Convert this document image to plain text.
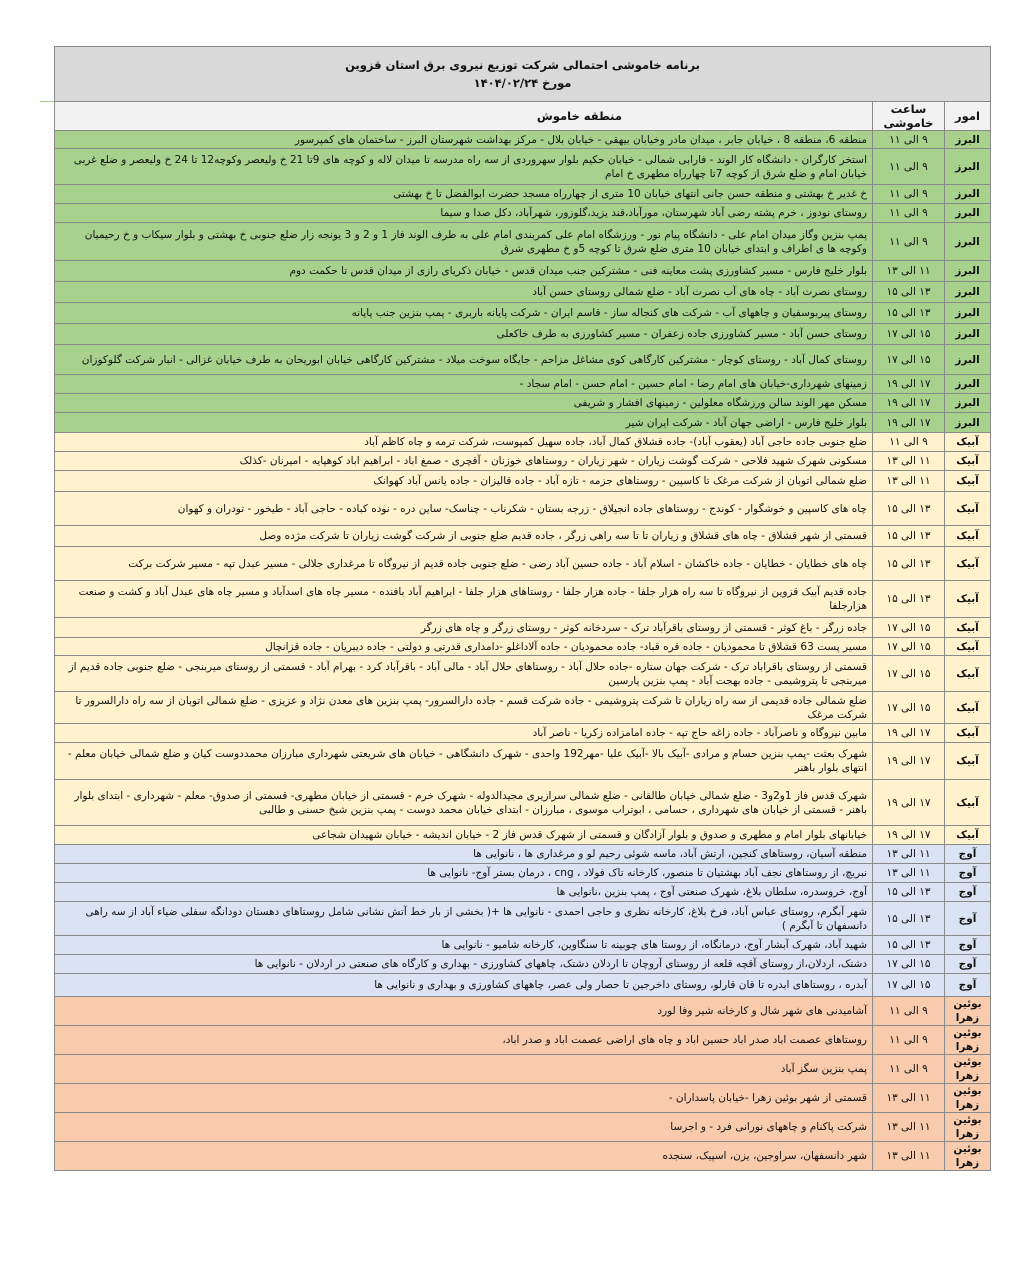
برنامه خاموشی احتمالی شرکت توزیع نیروی برق استان قزوین
مورخ ۱۴۰۴/۰۲/۲۴		

امور	ساعت خاموشی	منطقه خاموش
البرز	۹ الی ۱۱	منطقه 6، منطقه 8 ، خیابان جابر ، میدان مادر وخیابان بیهقی - خیابان بلال - مرکز بهداشت شهرستان البرز - ساختمان های کمپرسور
البرز	۹ الی ۱۱	استخر کارگران - دانشگاه کار الوند - فارابی شمالی - خیابان حکیم بلوار سهروردی از سه راه مدرسه تا میدان لاله و کوچه های 9تا 21 خ ولیعصر وکوچه12 تا 24 خ ولیعصر و ضلع غربی خیابان امام و ضلع شرق از کوچه 7تا چهارراه مطهری خ امام
البرز	۹ الی ۱۱	خ غدیر خ بهشتی و منطقه حسن جانی انتهای خیابان 10 متری از چهارراه مسجد حضرت ابوالفضل تا خ بهشتی
البرز	۹ الی ۱۱	روستای نودوز ، خرم پشته رضی آباد شهرستان، مورآباد،قند یزید،گلوزور، شهرآباد، دکل صدا و سیما
البرز	۹ الی ۱۱	پمپ بنزین وگاز میدان امام علی - دانشگاه پیام نور - ورزشگاه امام علی کمربندی امام علی به طرف الوند فاز 1 و 2 و 3 یونجه زار ضلع جنوبی خ بهشتی و بلوار سیکاب و خ رحیمیان وکوچه ها ی اطراف و ابتدای خیابان 10 متری ضلع شرق تا کوچه 5و خ مطهری شرق
البرز	۱۱ الی ۱۳	بلوار خلیج فارس - مسیر کشاورزی پشت معاینه فنی - مشترکین جنب میدان قدس - خیابان ذکریای رازی از میدان قدس تا حکمت دوم
البرز	۱۳ الی ۱۵	روستای نصرت آباد - چاه های آب نصرت آباد - ضلع شمالی روستای حسن آباد
البرز	۱۳ الی ۱۵	روستای پیربوسفیان و چاههای آب - شرکت های کنجاله ساز - قاسم ایران - شرکت پایانه باربری - پمپ بنزین جنب پایانه
البرز	۱۵ الی ۱۷	روستای حسن آباد - مسیر کشاورزی جاده زعفران - مسیر کشاورزی به طرف خاکعلی
البرز	۱۵ الی ۱۷	روستای کمال آباد - روستای کوچار - مشترکین کارگاهی کوی مشاغل مزاحم - جایگاه سوخت میلاد - مشترکین کارگاهی خیابان ابوریحان به طرف خیابان غزالی - انبار شرکت گلوکوزان
البرز	۱۷ الی ۱۹	زمینهای شهرداری-خیابان های امام رضا - امام حسین - امام حسن - امام سجاد -
البرز	۱۷ الی ۱۹	مسکن مهر الوند سالن ورزشگاه معلولین - زمینهای افشار و شریفی
البرز	۱۷ الی ۱۹	بلوار خلیج فارس - اراضی جهان آباد - شرکت ایران شیر
آبیک	۹ الی ۱۱	ضلع جنوبی جاده حاجی آباد (یعقوب آباد)- جاده قشلاق کمال آباد، جاده سهیل کمپوست، شرکت ترمه و چاه کاظم آباد
آبیک	۱۱ الی ۱۳	مسکونی شهرک شهید فلاحی - شرکت گوشت زیاران - شهر زیاران - روستاهای خوزنان - آقچری - صمغ اباد - ابراهیم اباد کوهپایه - امیرنان -کذلک
آبیک	۱۱ الی ۱۳	ضلع شمالی اتوبان از شرکت مرغک تا کاسپین - روستاهای جزمه - تازه آباد - جاده قالیزان - جاده یانس آباد کهوانک
آبیک	۱۳ الی ۱۵	چاه های کاسپین و خوشگوار - کوندج - روستاهای جاده انجیلاق - زرجه بستان - شکرناب - چناسک- ساین دره - نوده کباده - حاجی آباد - طیخور - تودران و کهوان
آبیک	۱۳ الی ۱۵	قسمتی از شهر قشلاق - چاه های قشلاق و زیاران تا تا سه راهی زرگر ، جاده قدیم ضلع جنوبی از شرکت گوشت زیاران تا شرکت مژده وصل
آبیک	۱۳ الی ۱۵	چاه های خطایان - خطایان - جاده خاکشان - اسلام آباد - جاده حسین آباد رضی - ضلع جنوبی جاده قدیم از نیروگاه تا مرغداری جلالی - مسیر عبدل تپه - مسیر شرکت برکت
آبیک	۱۳ الی ۱۵	جاده قدیم آبیک قزوین از نیروگاه تا سه راه هزار جلفا - جاده هزار جلفا - روستاهای هزار جلفا - ابراهیم آباد بافنده - مسیر چاه های اسدآباد و مسیر چاه های عبدل آباد و کشت و صنعت هزارجلفا
آبیک	۱۵ الی ۱۷	جاده زرگر - باغ کوثر - قسمتی از روستای باقرآباد ترک - سردخانه کوثر - روستای زرگر و چاه های زرگر
آبیک	۱۵ الی ۱۷	مسیر پست 63 قشلاق تا محمودیان - جاده قره قباد- جاده محمودیان - جاده آلاداغلو -دامداری قدرتی و دولتی - جاده دیبریان - جاده قزانچال
آبیک	۱۵ الی ۱۷	قسمتی از روستای باقراباد ترک - شرکت جهان ستاره -جاده حلال آباد - روستاهای حلال آباد - مالی آباد - باقرآباد کرد - بهرام آباد - قسمتی از روستای میربنجی - ضلع جنوبی جاده قدیم از میربنجی تا پتروشیمی - جاده بهجت آباد - پمپ بنزین پارسین
آبیک	۱۵ الی ۱۷	ضلع شمالی جاده قدیمی از سه راه زیاران تا شرکت پتروشیمی - جاده شرکت قسم - جاده دارالسرور- پمپ بنزین های معدن نژاد و عزیزی - ضلع شمالی اتوبان از سه راه دارالسرور تا شرکت مرغک
آبیک	۱۷ الی ۱۹	مابین نیروگاه و ناصرآباد - جاده زاغه حاج تپه - جاده امامزاده زکریا - ناصر آباد
آبیک	۱۷ الی ۱۹	شهرک بعثت -پمپ بنزین حسام و مرادی -آبیک بالا -آبیک علیا -مهر192 واحدی - شهرک دانشگاهی - خیابان های شریعتی شهرداری مبارزان محمددوست کیان و ضلع شمالی خیابان معلم - انتهای بلوار باهنر
آبیک	۱۷ الی ۱۹	شهرک قدس فاز 1و2و3 - ضلع شمالی خیابان طالقانی - ضلع شمالی سرازیری مجیدالدوله - شهرک خرم - قسمتی از خیابان مطهری- قسمتی از صدوق- معلم - شهرداری - ابتدای بلوار باهنر - قسمتی از خیابان های شهرداری ، حسامی ، ابوتراب موسوی ، مبارزان - ابتدای خیابان محمد دوست - پمپ بنزین شیخ حسنی و طالبی
آبیک	۱۷ الی ۱۹	خیابانهای بلوار امام و مطهری و صدوق و بلوار آزادگان و قسمتی از شهرک قدس فاز 2 - خیابان اندیشه - خیابان شهیدان شجاعی
آوج	۱۱ الی ۱۳	منطقه آسیان، روستاهای کنجین، ارتش آباد، ماسه شوئی رحیم لو و مرغداری ها ، نانوایی ها
آوج	۱۱ الی ۱۳	نبریچ، از روستاهای نجف آباد بهشتیان تا منصور، کارخانه تاک فولاد ، cng ، درمان بستر آوج- نانوایی ها
آوج	۱۳ الی ۱۵	آوج، خروسدره، سلطان بلاغ، شهرک صنعتی آوج ، پمپ بنزین ،نانوایی ها
آوج	۱۳ الی ۱۵	شهر آبگرم، روستای عباس آباد، فرخ بلاغ، کارخانه نظری و حاجی احمدی - نانوایی ها +( بخشی از بار خط آتش نشانی شامل روستاهای دهستان دودانگه سفلی ضیاء آباد از سه راهی دانسفهان تا آبگرم )
آوج	۱۳ الی ۱۵	شهید آباد، شهرک آبشار آوج، درمانگاه، از روستا های چوبینه تا سنگاوین، کارخانه شامیو - نانوایی ها
آوج	۱۵ الی ۱۷	دشتک، اردلان،از روستای آقچه قلعه از روستای آروچان تا اردلان دشتک، چاههای کشاورزی - بهداری و کارگاه های صنعتی در اردلان - نانوایی ها
آوج	۱۵ الی ۱۷	آبدره ، روستاهای ابدره تا قان قارلو، روستای داخرجین تا حصار ولی عصر، چاههای کشاورزی و بهداری و نانوایی ها
بوئین زهرا	۹ الی ۱۱	آشامیدنی های شهر شال و کارخانه شیر وفا لورد
بوئین زهرا	۹ الی ۱۱	روستاهای عصمت اباد صدر اباد حسین اباد و چاه های اراضی عصمت اباد و صدر اباد،
بوئین زهرا	۹ الی ۱۱	پمپ بنزین سگز آباد
بوئین زهرا	۱۱ الی ۱۳	قسمتی از شهر بوئین زهرا -خیابان پاسداران -
بوئین زهرا	۱۱ الی ۱۳	شرکت پاکنام و چاههای نورانی فرد - و اجرسا
بوئین زهرا	۱۱ الی ۱۳	شهر دانسفهان، سراوجین، یزن، اسپیک، سنجده
